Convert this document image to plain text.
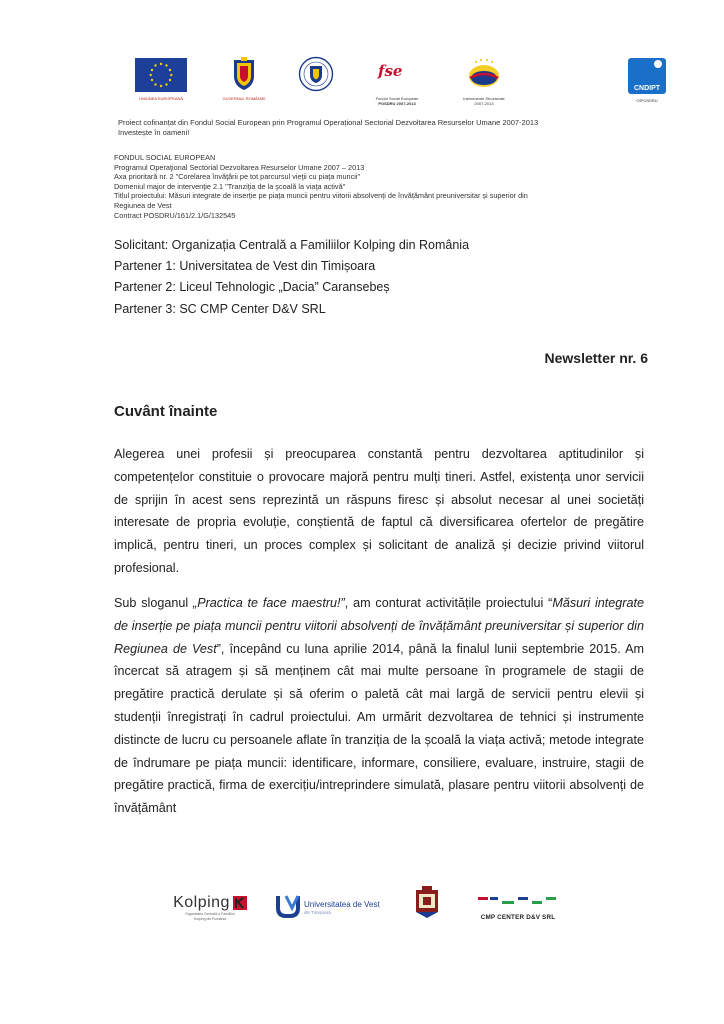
UNIUNEA EUROPEANĂ	GUVERNUL ROMÂNIEI
fse
Fondul Social European
POSDRU 2007-2013
Instrumente Structurale
2007-2013
CNDIPT
OIPOSDRU
Proiect cofinanțat din Fondul Social European prin Programul Operațional Sectorial Dezvoltarea Resurselor Umane 2007-2013
Investește în oameni!
FONDUL SOCIAL EUROPEAN
Programul Operaţional Sectorial Dezvoltarea Resurselor Umane 2007 – 2013
Axa prioritară nr. 2 "Corelarea învăţării pe tot parcursul vieţii cu piaţa muncii"
Domeniul major de intervenţie 2.1 "Tranziţia de la şcoală la viaţa activă"
Titlul proiectului: Măsuri integrate de inserție pe piața muncii pentru viitorii absolvenți de învățământ preuniversitar și superior din
Regiunea de Vest
Contract POSDRU/161/2.1/G/132545
Solicitant: Organizația Centrală a Familiilor Kolping din România
Partener 1: Universitatea de Vest din Timișoara
Partener 2: Liceul Tehnologic „Dacia” Caransebeș
Partener 3: SC CMP Center D&V SRL
Newsletter nr. 6
Cuvânt înainte

Alegerea unei profesii și preocuparea constantă pentru dezvoltarea aptitudinilor și competențelor constituie o provocare majoră pentru mulți tineri. Astfel, existența unor servicii de sprijin în acest sens reprezintă un răspuns firesc și absolut necesar al unei societăți interesate de propria evoluție, conștientă de faptul că diversificarea ofertelor de pregătire implică, pentru tineri, un proces complex și solicitant de analiză și decizie privind viitorul profesional.

Sub sloganul „Practica te face maestru!”, am conturat activitățile proiectului “Măsuri integrate de inserție pe piața muncii pentru viitorii absolvenți de învățământ preuniversitar și superior din Regiunea de Vest”, începând cu luna aprilie 2014, până la finalul lunii septembrie 2015. Am încercat să atragem și să menținem cât mai multe persoane în programele de stagii de pregătire practică derulate și să oferim o paletă cât mai largă de servicii pentru elevii și studenții înregistrați în cadrul proiectului. Am urmărit dezvoltarea de tehnici și instrumente distincte de lucru cu persoanele aflate în tranziția de la școală la viața activă; metode integrate de îndrumare pe piața muncii: identificare, informare, consiliere, evaluare, instruire, stagii de pregătire practică, firma de exercițiu/intreprindere simulată, plasare pentru viitorii absolvenți de învățământ

Kolping
Organizația Centrală a Familiilor
Kolping din România
Universitatea de Vest
din Timișoara
CMP CENTER D&V SRL
